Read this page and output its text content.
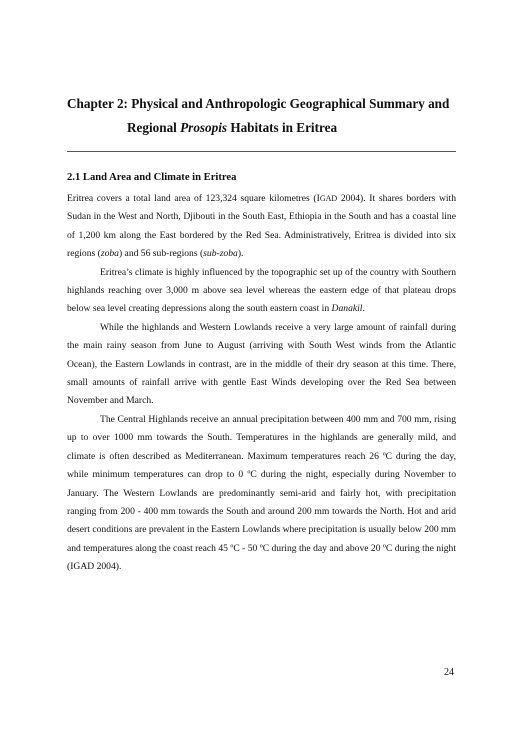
Chapter 2: Physical and Anthropologic Geographical Summary and
Regional Prosopis Habitats in Eritrea
2.1 Land Area and Climate in Eritrea

Eritrea covers a total land area of 123,324 square kilometres (IGAD 2004). It shares borders with Sudan in the West and North, Djibouti in the South East, Ethiopia in the South and has a coastal line of 1,200 km along the East bordered by the Red Sea. Administratively, Eritrea is divided into six regions (zoba) and 56 sub-regions (sub-zoba).

Eritrea’s climate is highly influenced by the topographic set up of the country with Southern highlands reaching over 3,000 m above sea level whereas the eastern edge of that plateau drops below sea level creating depressions along the south eastern coast in Danakil.

While the highlands and Western Lowlands receive a very large amount of rainfall during the main rainy season from June to August (arriving with South West winds from the Atlantic Ocean), the Eastern Lowlands in contrast, are in the middle of their dry season at this time. There, small amounts of rainfall arrive with gentle East Winds developing over the Red Sea between November and March.

The Central Highlands receive an annual precipitation between 400 mm and 700 mm, rising up to over 1000 mm towards the South. Temperatures in the highlands are generally mild, and climate is often described as Mediterranean. Maximum temperatures reach 26 ºC during the day, while minimum temperatures can drop to 0 ºC during the night, especially during November to January. The Western Lowlands are predominantly semi-arid and fairly hot, with precipitation ranging from 200 - 400 mm towards the South and around 200 mm towards the North. Hot and arid desert conditions are prevalent in the Eastern Lowlands where precipitation is usually below 200 mm and temperatures along the coast reach 45 ºC - 50 ºC during the day and above 20 ºC during the night (IGAD 2004).

24
